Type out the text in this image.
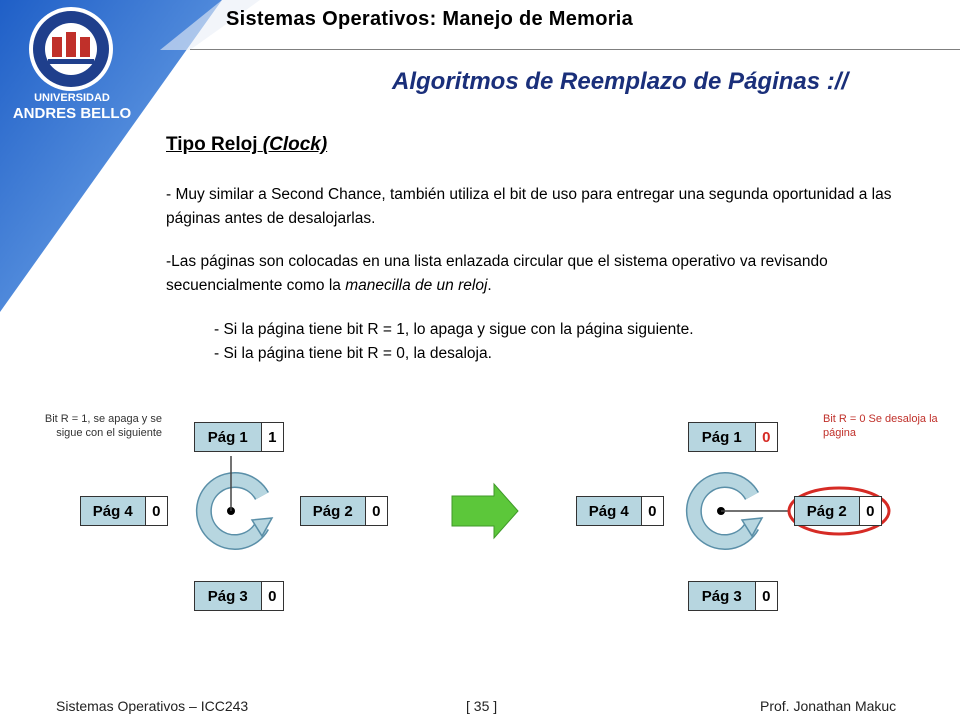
UNIVERSIDAD
ANDRES BELLO
Sistemas Operativos: Manejo de Memoria
Algoritmos de Reemplazo de Páginas ://
Tipo Reloj (Clock)
- Muy similar a Second Chance, también utiliza el bit de uso para entregar una segunda oportunidad a las páginas antes de desalojarlas.
-Las páginas son colocadas en una lista enlazada circular que el sistema operativo va revisando secuencialmente como la manecilla de un reloj.
- Si la página tiene bit R = 1, lo apaga y sigue con la página siguiente.
- Si la página tiene bit R = 0, la desaloja.
Bit R = 1, se apaga y se sigue con el siguiente
Bit R = 0 Se desaloja la página
Pág 1	1
Pág 2	0
Pág 3	0
Pág 4	0
Pág 1	0
Pág 2	0
Pág 3	0
Pág 4	0
Sistemas Operativos – ICC243	[ 35 ]	Prof. Jonathan Makuc
